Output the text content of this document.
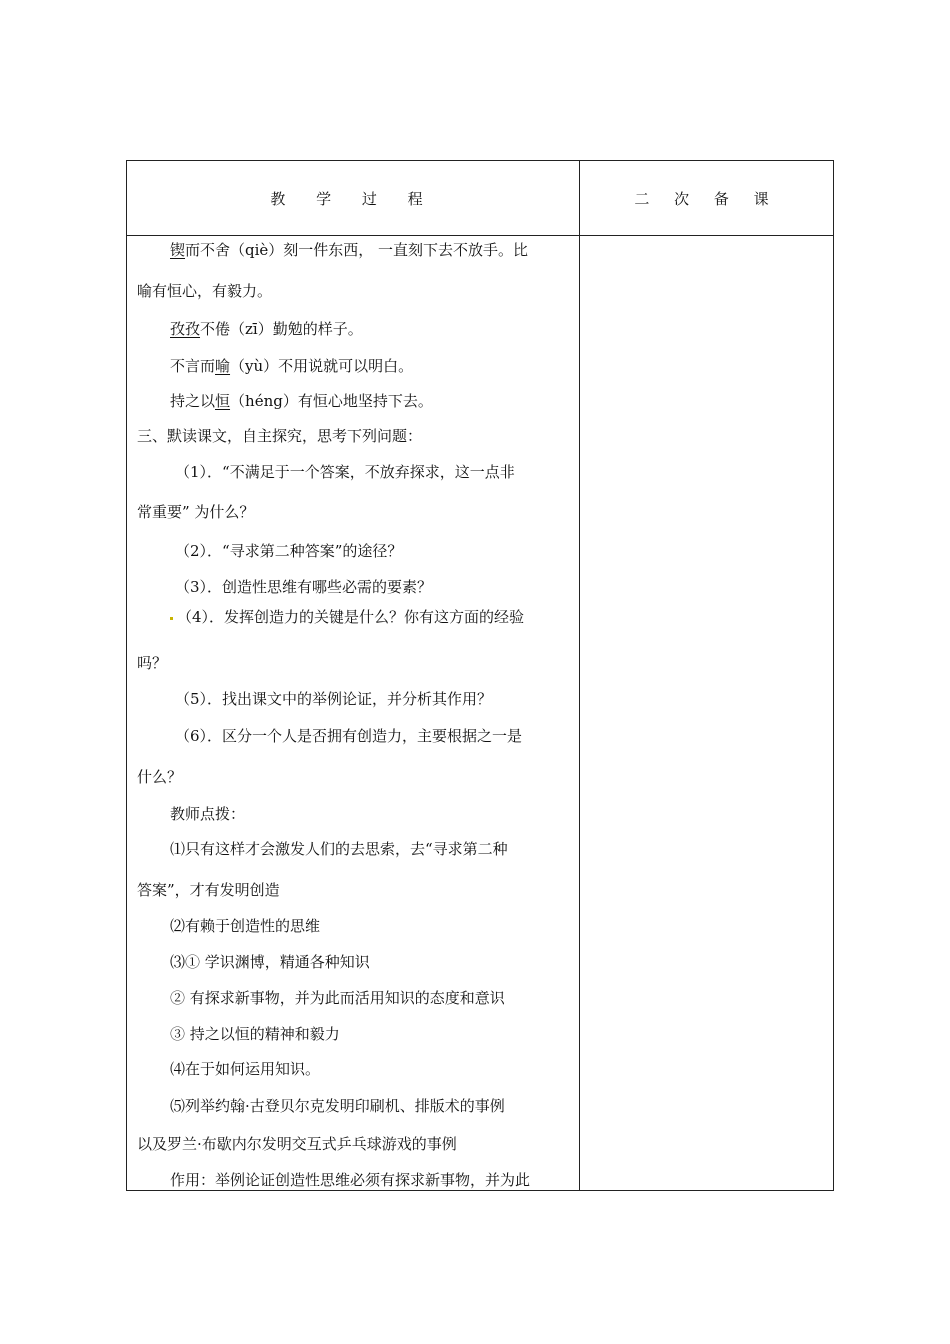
教 学 过 程	二 次 备 课
锲而不舍（qiè）刻一件东西， 一直刻下去不放手。比
喻有恒心，有毅力。
孜孜不倦（zī）勤勉的样子。
不言而喻（yù）不用说就可以明白。
持之以恒（héng）有恒心地坚持下去。
三、默读课文，自主探究，思考下列问题：
（1）．“不满足于一个答案，不放弃探求，这一点非
常重要” 为什么？
（2）．“寻求第二种答案”的途径？
（3）．创造性思维有哪些必需的要素？
（4）．发挥创造力的关键是什么？你有这方面的经验
吗？
（5）．找出课文中的举例论证，并分析其作用？
（6）．区分一个人是否拥有创造力，主要根据之一是
什么？
教师点拨：
⑴只有这样才会激发人们的去思索，去“寻求第二种
答案”，才有发明创造
⑵有赖于创造性的思维
⑶① 学识渊博，精通各种知识
② 有探求新事物，并为此而活用知识的态度和意识
③ 持之以恒的精神和毅力
⑷在于如何运用知识。
⑸列举约翰·古登贝尔克发明印刷机、排版术的事例
以及罗兰·布歇内尔发明交互式乒乓球游戏的事例
作用：举例论证创造性思维必须有探求新事物，并为此
